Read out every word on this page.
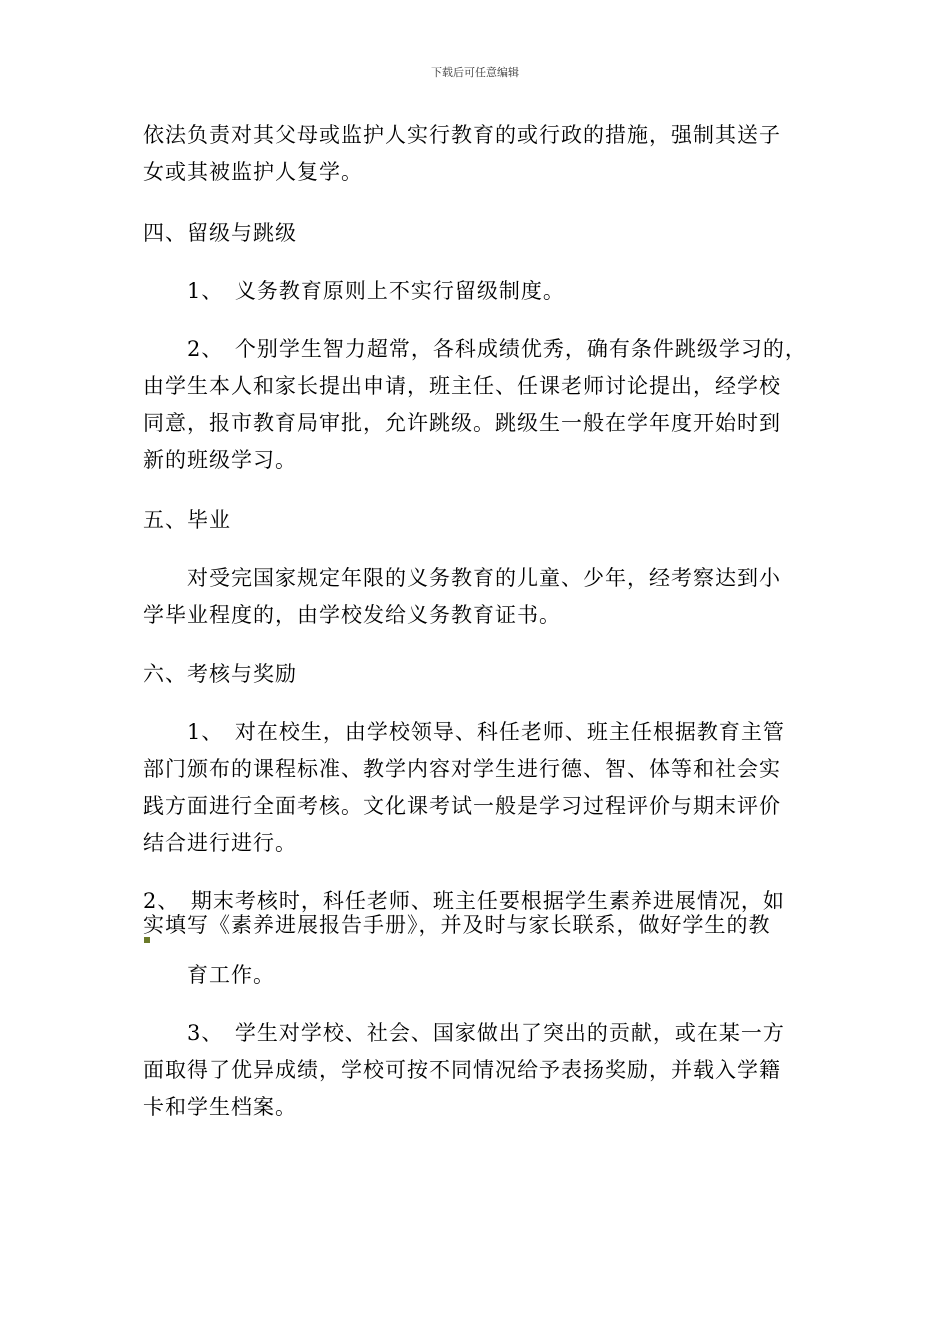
下载后可任意编辑
依法负责对其父母或监护人实行教育的或行政的措施，强制其送子
女或其被监护人复学。
四、留级与跳级
　　1、　义务教育原则上不实行留级制度。
　　2、　个别学生智力超常，各科成绩优秀，确有条件跳级学习的，
由学生本人和家长提出申请，班主任、任课老师讨论提出，经学校
同意，报市教育局审批，允许跳级。跳级生一般在学年度开始时到
新的班级学习。
五、毕业
　　对受完国家规定年限的义务教育的儿童、少年，经考察达到小
学毕业程度的，由学校发给义务教育证书。
六、考核与奖励
　　1、　对在校生，由学校领导、科任老师、班主任根据教育主管
部门颁布的课程标准、教学内容对学生进行德、智、体等和社会实
践方面进行全面考核。文化课考试一般是学习过程评价与期末评价
结合进行进行。
2、　期末考核时，科任老师、班主任要根据学生素养进展情况，如
实填写《素养进展报告手册》，并及时与家长联系，做好学生的教
　　育工作。
　　3、　学生对学校、社会、国家做出了突出的贡献，或在某一方
面取得了优异成绩，学校可按不同情况给予表扬奖励，并载入学籍
卡和学生档案。
